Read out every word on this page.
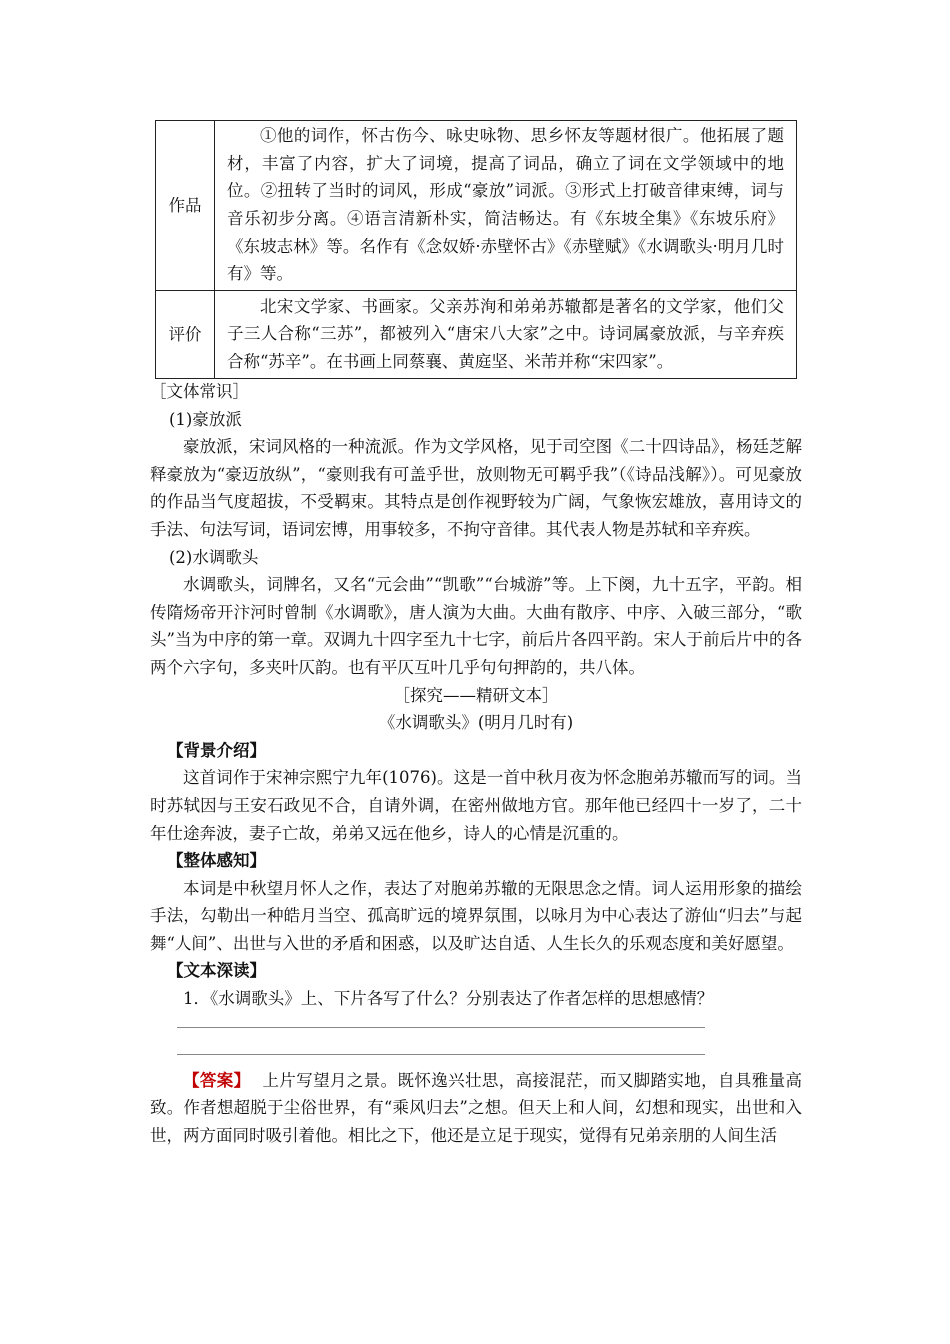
作品	①他的词作，怀古伤今、咏史咏物、思乡怀友等题材很广。他拓展了题材，丰富了内容，扩大了词境，提高了词品，确立了词在文学领域中的地位。②扭转了当时的词风，形成“豪放”词派。③形式上打破音律束缚，词与音乐初步分离。④语言清新朴实，简洁畅达。有《东坡全集》《东坡乐府》《东坡志林》等。名作有《念奴娇·赤壁怀古》《赤壁赋》《水调歌头·明月几时有》等。
评价	北宋文学家、书画家。父亲苏洵和弟弟苏辙都是著名的文学家，他们父子三人合称“三苏”，都被列入“唐宋八大家”之中。诗词属豪放派，与辛弃疾合称“苏辛”。在书画上同蔡襄、黄庭坚、米芾并称“宋四家”。

［文体常识］

(1)豪放派

豪放派，宋词风格的一种流派。作为文学风格，见于司空图《二十四诗品》，杨廷芝解释豪放为“豪迈放纵”，“豪则我有可盖乎世，放则物无可羁乎我”（《诗品浅解》）。可见豪放的作品当气度超拔，不受羁束。其特点是创作视野较为广阔，气象恢宏雄放，喜用诗文的手法、句法写词，语词宏博，用事较多，不拘守音律。其代表人物是苏轼和辛弃疾。

(2)水调歌头

水调歌头，词牌名，又名“元会曲”“凯歌”“台城游”等。上下阕，九十五字，平韵。相传隋炀帝开汴河时曾制《水调歌》，唐人演为大曲。大曲有散序、中序、入破三部分，“歌头”当为中序的第一章。双调九十四字至九十七字，前后片各四平韵。宋人于前后片中的各两个六字句，多夹叶仄韵。也有平仄互叶几乎句句押韵的，共八体。

［探究——精研文本］

《水调歌头》(明月几时有)

【背景介绍】

这首词作于宋神宗熙宁九年(1076)。这是一首中秋月夜为怀念胞弟苏辙而写的词。当时苏轼因与王安石政见不合，自请外调，在密州做地方官。那年他已经四十一岁了，二十年仕途奔波，妻子亡故，弟弟又远在他乡，诗人的心情是沉重的。

【整体感知】

本词是中秋望月怀人之作，表达了对胞弟苏辙的无限思念之情。词人运用形象的描绘手法，勾勒出一种皓月当空、孤高旷远的境界氛围，以咏月为中心表达了游仙“归去”与起舞“人间”、出世与入世的矛盾和困惑，以及旷达自适、人生长久的乐观态度和美好愿望。

【文本深读】

1．《水调歌头》上、下片各写了什么？分别表达了作者怎样的思想感情？

【答案】 上片写望月之景。既怀逸兴壮思，高接混茫，而又脚踏实地，自具雅量高致。作者想超脱于尘俗世界，有“乘风归去”之想。但天上和人间，幻想和现实，出世和入世，两方面同时吸引着他。相比之下，他还是立足于现实，觉得有兄弟亲朋的人间生活
